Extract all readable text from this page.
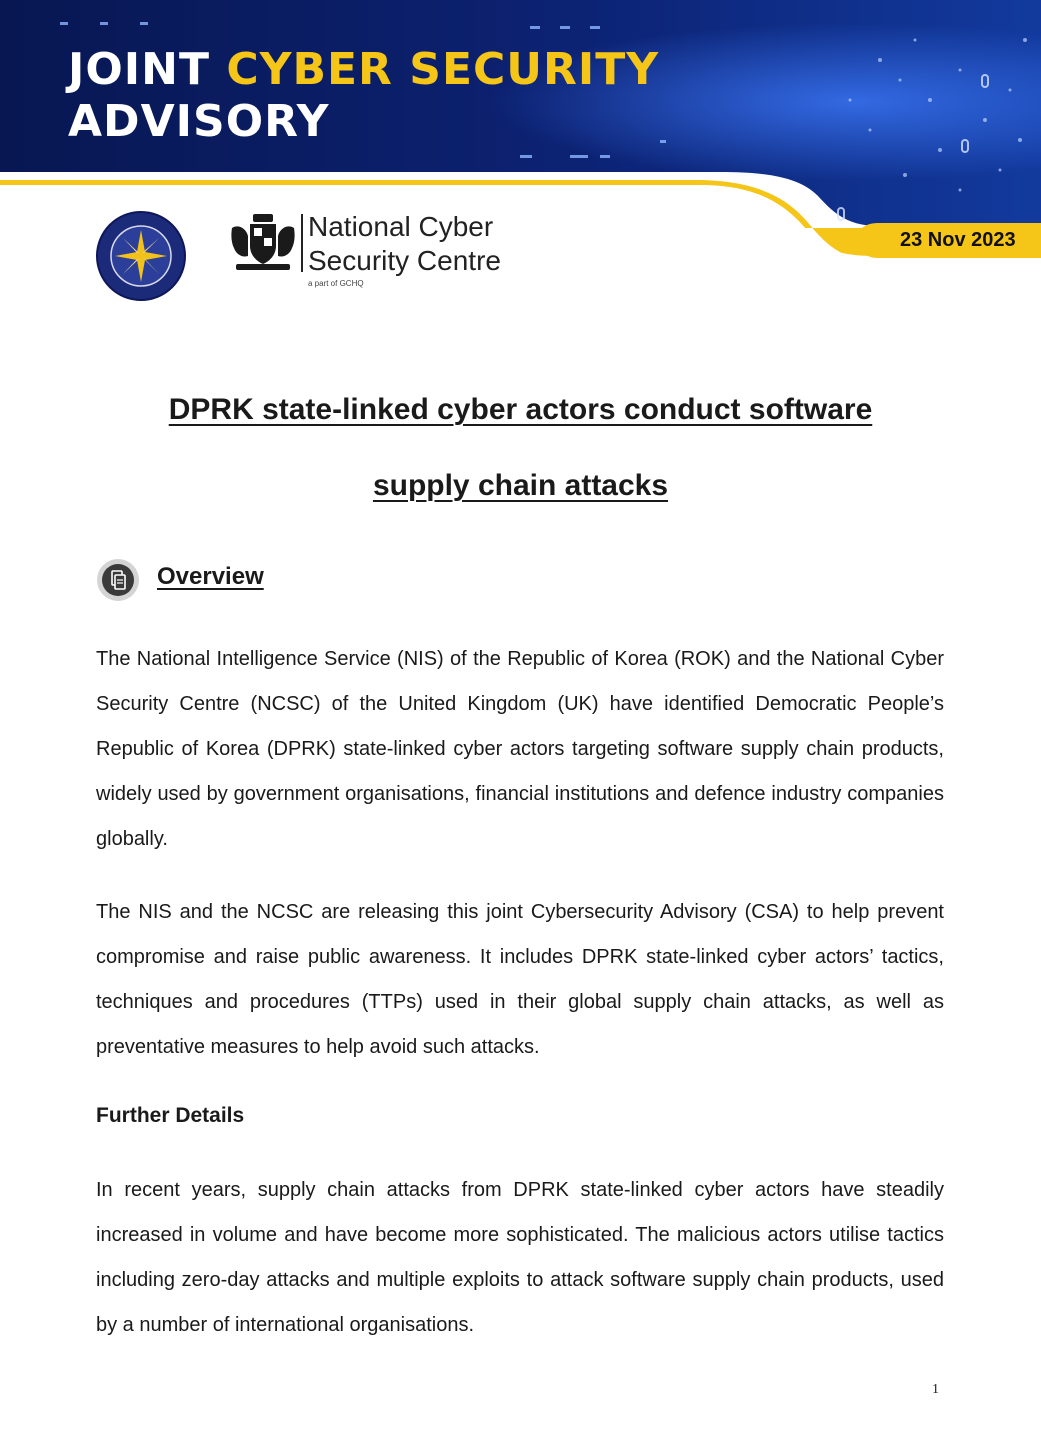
JOINT CYBER SECURITY
ADVISORY
23 Nov 2023
National Cyber
Security Centre
a part of GCHQ
DPRK state-linked cyber actors conduct software
supply chain attacks
Overview

The National Intelligence Service (NIS) of the Republic of Korea (ROK) and the National Cyber Security Centre (NCSC) of the United Kingdom (UK) have identified Democratic People’s Republic of Korea (DPRK) state-linked cyber actors targeting software supply chain products, widely used by government organisations, financial institutions and defence industry companies globally.

The NIS and the NCSC are releasing this joint Cybersecurity Advisory (CSA) to help prevent compromise and raise public awareness. It includes DPRK state-linked cyber actors’ tactics, techniques and procedures (TTPs) used in their global supply chain attacks, as well as preventative measures to help avoid such attacks.

Further Details

In recent years, supply chain attacks from DPRK state-linked cyber actors have steadily increased in volume and have become more sophisticated. The malicious actors utilise tactics including zero-day attacks and multiple exploits to attack software supply chain products, used by a number of international organisations.

1
